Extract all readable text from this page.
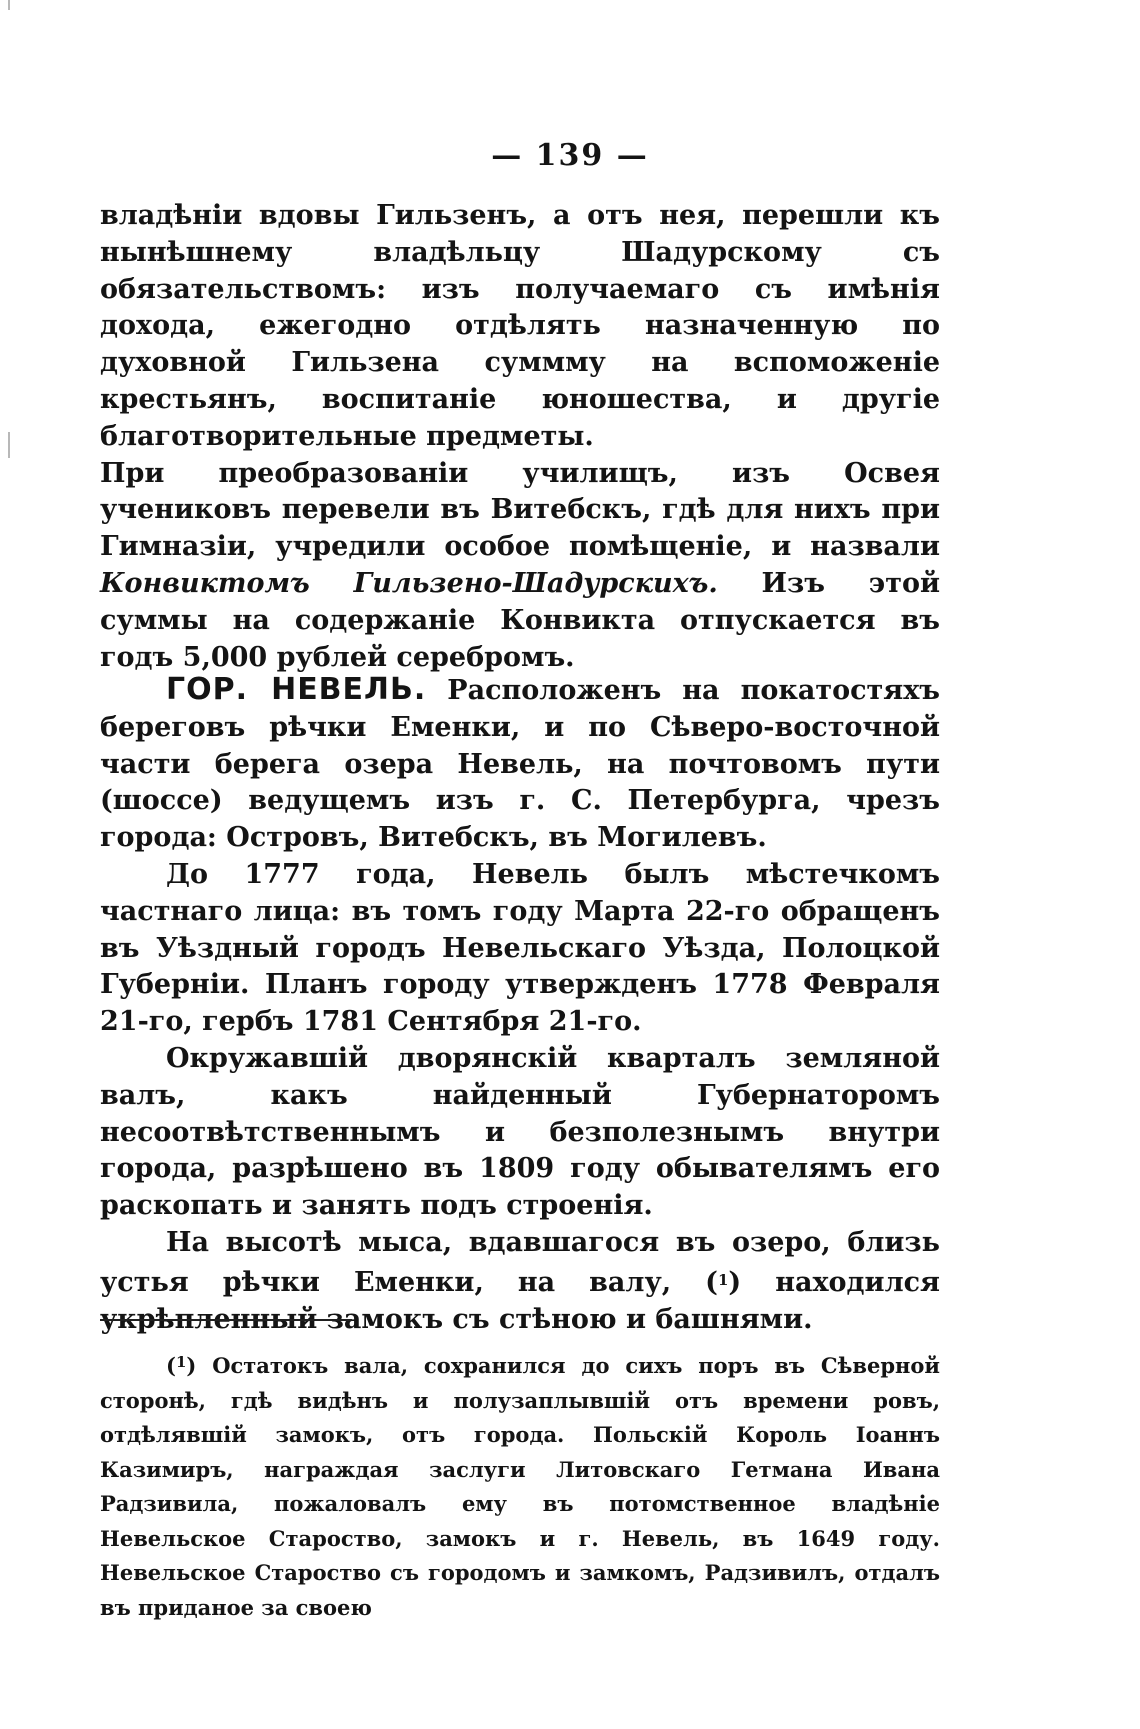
— 139 —

владѣніи вдовы Гильзенъ, а отъ нея, перешли къ нынѣшнему владѣльцу Шадурскому съ обязательствомъ: изъ получаемаго съ имѣнія дохода, ежегодно отдѣлять назначенную по духовной Гильзена суммму на вспоможеніе крестьянъ, воспитаніе юношества, и другіе благотворительные предметы.

При преобразованіи училищъ, изъ Освея учениковъ перевели въ Витебскъ, гдѣ для нихъ при Гимназіи, учредили особое помѣщеніе, и назвали Конвиктомъ Гильзено-Шадурскихъ. Изъ этой суммы на содержаніе Конвикта отпускается въ годъ 5,000 рублей серебромъ.

ГОР. НЕВЕЛЬ. Расположенъ на покатостяхъ береговъ рѣчки Еменки, и по Сѣверо-восточной части берега озера Невель, на почтовомъ пути (шоссе) ведущемъ изъ г. С. Петербурга, чрезъ города: Островъ, Витебскъ, въ Могилевъ.

До 1777 года, Невель былъ мѣстечкомъ частнаго лица: въ томъ году Марта 22-го обращенъ въ Уѣздный городъ Невельскаго Уѣзда, Полоцкой Губерніи. Планъ городу утвержденъ 1778 Февраля 21-го, гербъ 1781 Сентября 21-го.

Окружавшій дворянскій кварталъ земляной валъ, какъ найденный Губернаторомъ несоотвѣтственнымъ и безполезнымъ внутри города, разрѣшено въ 1809 году обывателямъ его раскопать и занять подъ строенія.

На высотѣ мыса, вдавшагося въ озеро, близь устья рѣчки Еменки, на валу, ($^1$) находился укрѣпленный замокъ съ стѣною и башнями.

($^1$) Остатокъ вала, сохранился до сихъ поръ въ Сѣверной сторонѣ, гдѣ видѣнъ и полузаплывшій отъ времени ровъ, отдѣлявшій замокъ, отъ города. Польскій Король Іоаннъ Казимиръ, награждая заслуги Литовскаго Гетмана Ивана Радзивила, пожаловалъ ему въ потомственное владѣніе Невельское Староство, замокъ и г. Невель, въ 1649 году. Невельское Староство съ городомъ и замкомъ, Радзивилъ, отдалъ въ приданое за своею
